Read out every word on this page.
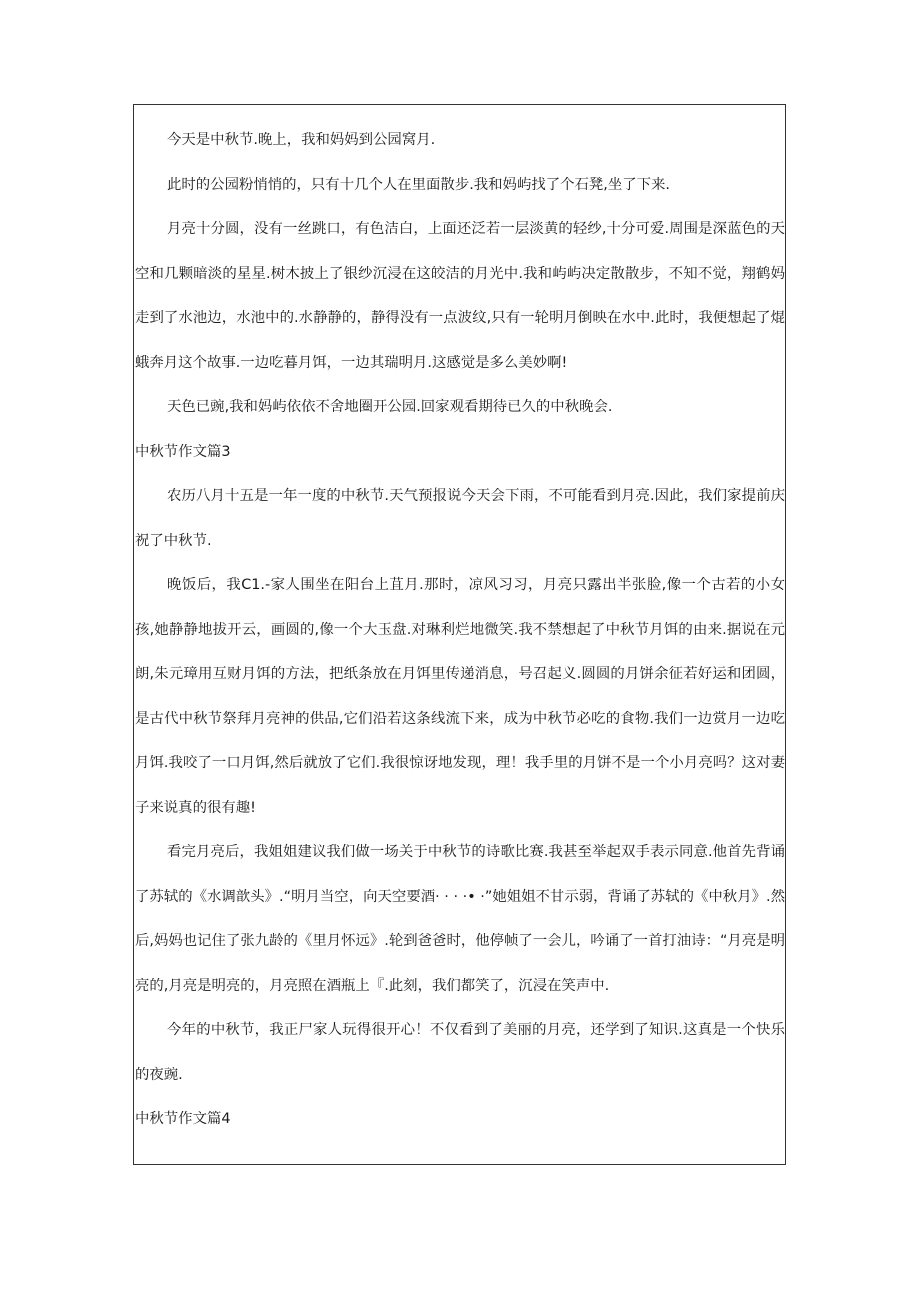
今天是中秋节.晚上，我和妈妈到公园窝月.

此时的公园粉悄悄的，只有十几个人在里面散步.我和妈屿找了个石凳,坐了下来.

月亮十分圆，没有一丝跳口，有色洁白，上面还泛若一层淡黄的轻纱,十分可爱.周围是深蓝色的天空和几颗暗淡的星星.树木披上了银纱沉浸在这皎洁的月光中.我和屿屿决定散散步，不知不觉，翔鹤妈走到了水池边，水池中的.水静静的，静得没有一点波纹,只有一轮明月倒映在水中.此时，我便想起了焜蛾奔月这个故事.一边吃暮月饵，一边其瑞明月.这感觉是多么美妙啊!

天色已豌,我和妈屿依依不舍地圈开公园.回家观看期待已久的中秋晚会.

中秋节作文篇3

农历八月十五是一年一度的中秋节.天气预报说今天会下雨，不可能看到月亮.因此，我们家提前庆祝了中秋节.

晚饭后，我C1.-家人围坐在阳台上苴月.那时，凉风习习，月亮只露出半张脸,像一个古若的小女孩,她静静地拔开云，画圆的,像一个大玉盘.对琳利烂地微笑.我不禁想起了中秋节月饵的由来.据说在元朗,朱元璋用互财月饵的方法，把纸条放在月饵里传递消息，号召起义.圆圆的月饼余征若好运和团圆，是古代中秋节祭拜月亮神的供品,它们沿若这条线流下来，成为中秋节必吃的食物.我们一边赏月一边吃月饵.我咬了一口月饵,然后就放了它们.我很惊讶地发现，理！我手里的月饼不是一个小月亮吗？这对妻子来说真的很有趣!

看完月亮后，我姐姐建议我们做一场关于中秋节的诗歌比赛.我甚至举起双手表示同意.他首先背诵了苏轼的《水调歆头》.“明月当空，向天空要酒· · · ·• ·”她姐姐不甘示弱，背诵了苏轼的《中秋月》.然后,妈妈也记住了张九龄的《里月怀远》.轮到爸爸时，他停帧了一会儿，吟诵了一首打油诗：“月亮是明亮的,月亮是明亮的，月亮照在酒瓶上『.此刻，我们都笑了，沉浸在笑声中.

今年的中秋节，我正尸家人玩得很开心！不仅看到了美丽的月亮，还学到了知识.这真是一个快乐的夜豌.

中秋节作文篇4
